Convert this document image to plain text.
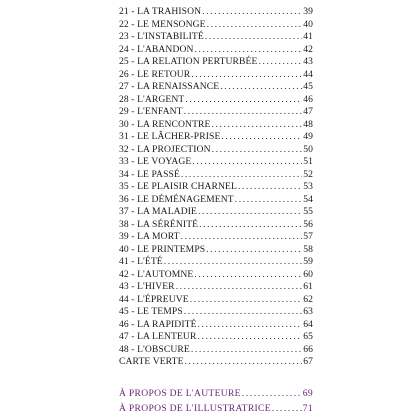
21 - LA TRAHISON .....	39
22 - LE MENSONGE .....	40
23 - L'INSTABILITÉ .....	41
24 - L'ABANDON .....	42
25 - LA RELATION PERTURBÉE .....	43
26 - LE RETOUR .....	44
27 - LA RENAISSANCE .....	45
28 - L'ARGENT .....	46
29 - L'ENFANT .....	47
30 - LA RENCONTRE .....	48
31 - LE LÂCHER-PRISE .....	49
32 - LA PROJECTION .....	50
33 - LE VOYAGE .....	51
34 - LE PASSÉ .....	52
35 - LE PLAISIR CHARNEL .....	53
36 - LE DÉMÉNAGEMENT .....	54
37 - LA MALADIE .....	55
38 - LA SÉRÉNITÉ .....	56
39 - LA MORT .....	57
40 - LE PRINTEMPS .....	58
41 - L'ÉTÉ .....	59
42 - L'AUTOMNE .....	60
43 - L'HIVER .....	61
44 - L'ÉPREUVE .....	62
45 - LE TEMPS .....	63
46 - LA RAPIDITÉ .....	64
47 - LA LENTEUR .....	65
48 - L'OBSCURE .....	66
CARTE VERTE .....	67
À PROPOS DE L'AUTEURE .....	69
À PROPOS DE L'ILLUSTRATRICE .....	71
